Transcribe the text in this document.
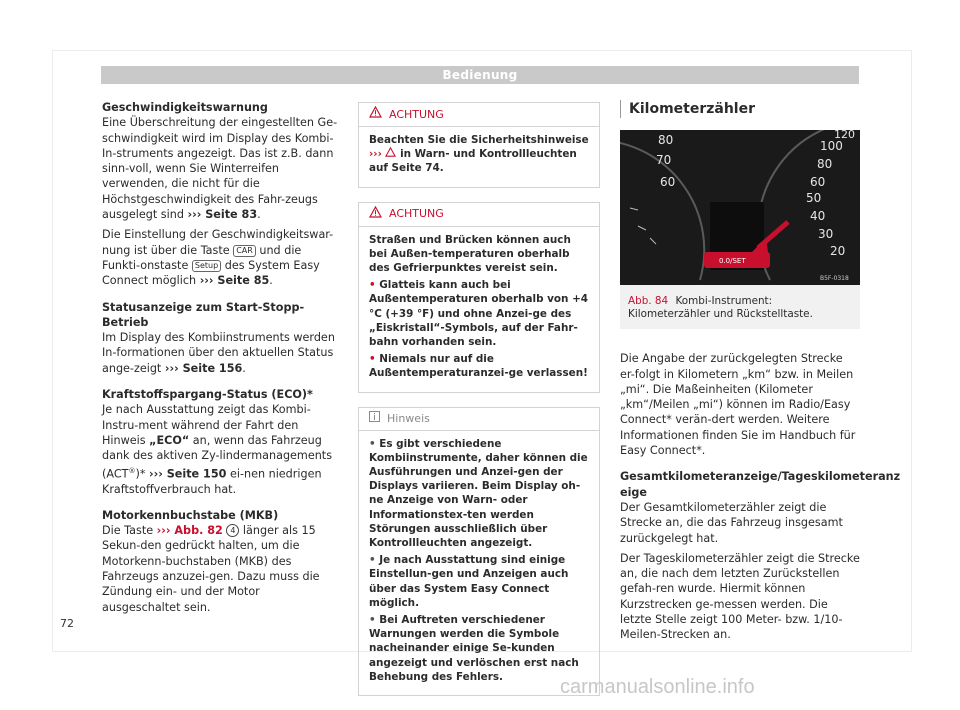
Bedienung

Geschwindigkeitswarnung

Eine Überschreitung der eingestellten Ge-schwindigkeit wird im Display des Kombi-In-struments angezeigt. Das ist z.B. dann sinn-voll, wenn Sie Winterreifen verwenden, die nicht für die Höchstgeschwindigkeit des Fahr-zeugs ausgelegt sind ››› Seite 83.

Die Einstellung der Geschwindigkeitswar-nung ist über die Taste CAR und die Funkti-onstaste Setup des System Easy Connect möglich ››› Seite 85.

Statusanzeige zum Start-Stopp-Betrieb

Im Display des Kombiinstruments werden In-formationen über den aktuellen Status ange-zeigt ››› Seite 156.

Kraftstoffspargang-Status (ECO)*

Je nach Ausstattung zeigt das Kombi-Instru-ment während der Fahrt den Hinweis „ECO“ an, wenn das Fahrzeug dank des aktiven Zy-lindermanagements (ACT®)* ››› Seite 150 ei-nen niedrigen Kraftstoffverbrauch hat.

Motorkennbuchstabe (MKB)

Die Taste ››› Abb. 82 4 länger als 15 Sekun-den gedrückt halten, um die Motorkenn-buchstaben (MKB) des Fahrzeugs anzuzei-gen. Dazu muss die Zündung ein- und der Motor ausgeschaltet sein.

ACHTUNG

Beachten Sie die Sicherheitshinweise ››› in Warn- und Kontrollleuchten auf Seite 74.

ACHTUNG

Straßen und Brücken können auch bei Außen-temperaturen oberhalb des Gefrierpunktes vereist sein.

• Glatteis kann auch bei Außentemperaturen oberhalb von +4 °C (+39 °F) und ohne Anzei-ge des „Eiskristall“-Symbols, auf der Fahr-bahn vorhanden sein.

• Niemals nur auf die Außentemperaturanzei-ge verlassen!

Hinweis

• Es gibt verschiedene Kombiinstrumente, daher können die Ausführungen und Anzei-gen der Displays variieren. Beim Display oh-ne Anzeige von Warn- oder Informationstex-ten werden Störungen ausschließlich über Kontrollleuchten angezeigt.

• Je nach Ausstattung sind einige Einstellun-gen und Anzeigen auch über das System Easy Connect möglich.

• Bei Auftreten verschiedener Warnungen werden die Symbole nacheinander einige Se-kunden angezeigt und verlöschen erst nach Behebung des Fehlers.

Kilometerzähler

80
70
60
120
100
80
60
50
40
30
20
0.0/SET
B5F-0318
Abb. 84 Kombi-Instrument: Kilometerzähler und Rückstelltaste.

Die Angabe der zurückgelegten Strecke er-folgt in Kilometern „km“ bzw. in Meilen „mi“. Die Maßeinheiten (Kilometer „km“/Meilen „mi“) können im Radio/Easy Connect* verän-dert werden. Weitere Informationen finden Sie im Handbuch für Easy Connect*.

Gesamtkilometeranzeige/Tageskilometeranz eige

Der Gesamtkilometerzähler zeigt die Strecke an, die das Fahrzeug insgesamt zurückgelegt hat.

Der Tageskilometerzähler zeigt die Strecke an, die nach dem letzten Zurückstellen gefah-ren wurde. Hiermit können Kurzstrecken ge-messen werden. Die letzte Stelle zeigt 100 Meter- bzw. 1/10-Meilen-Strecken an.

72
carmanualsonline.info
